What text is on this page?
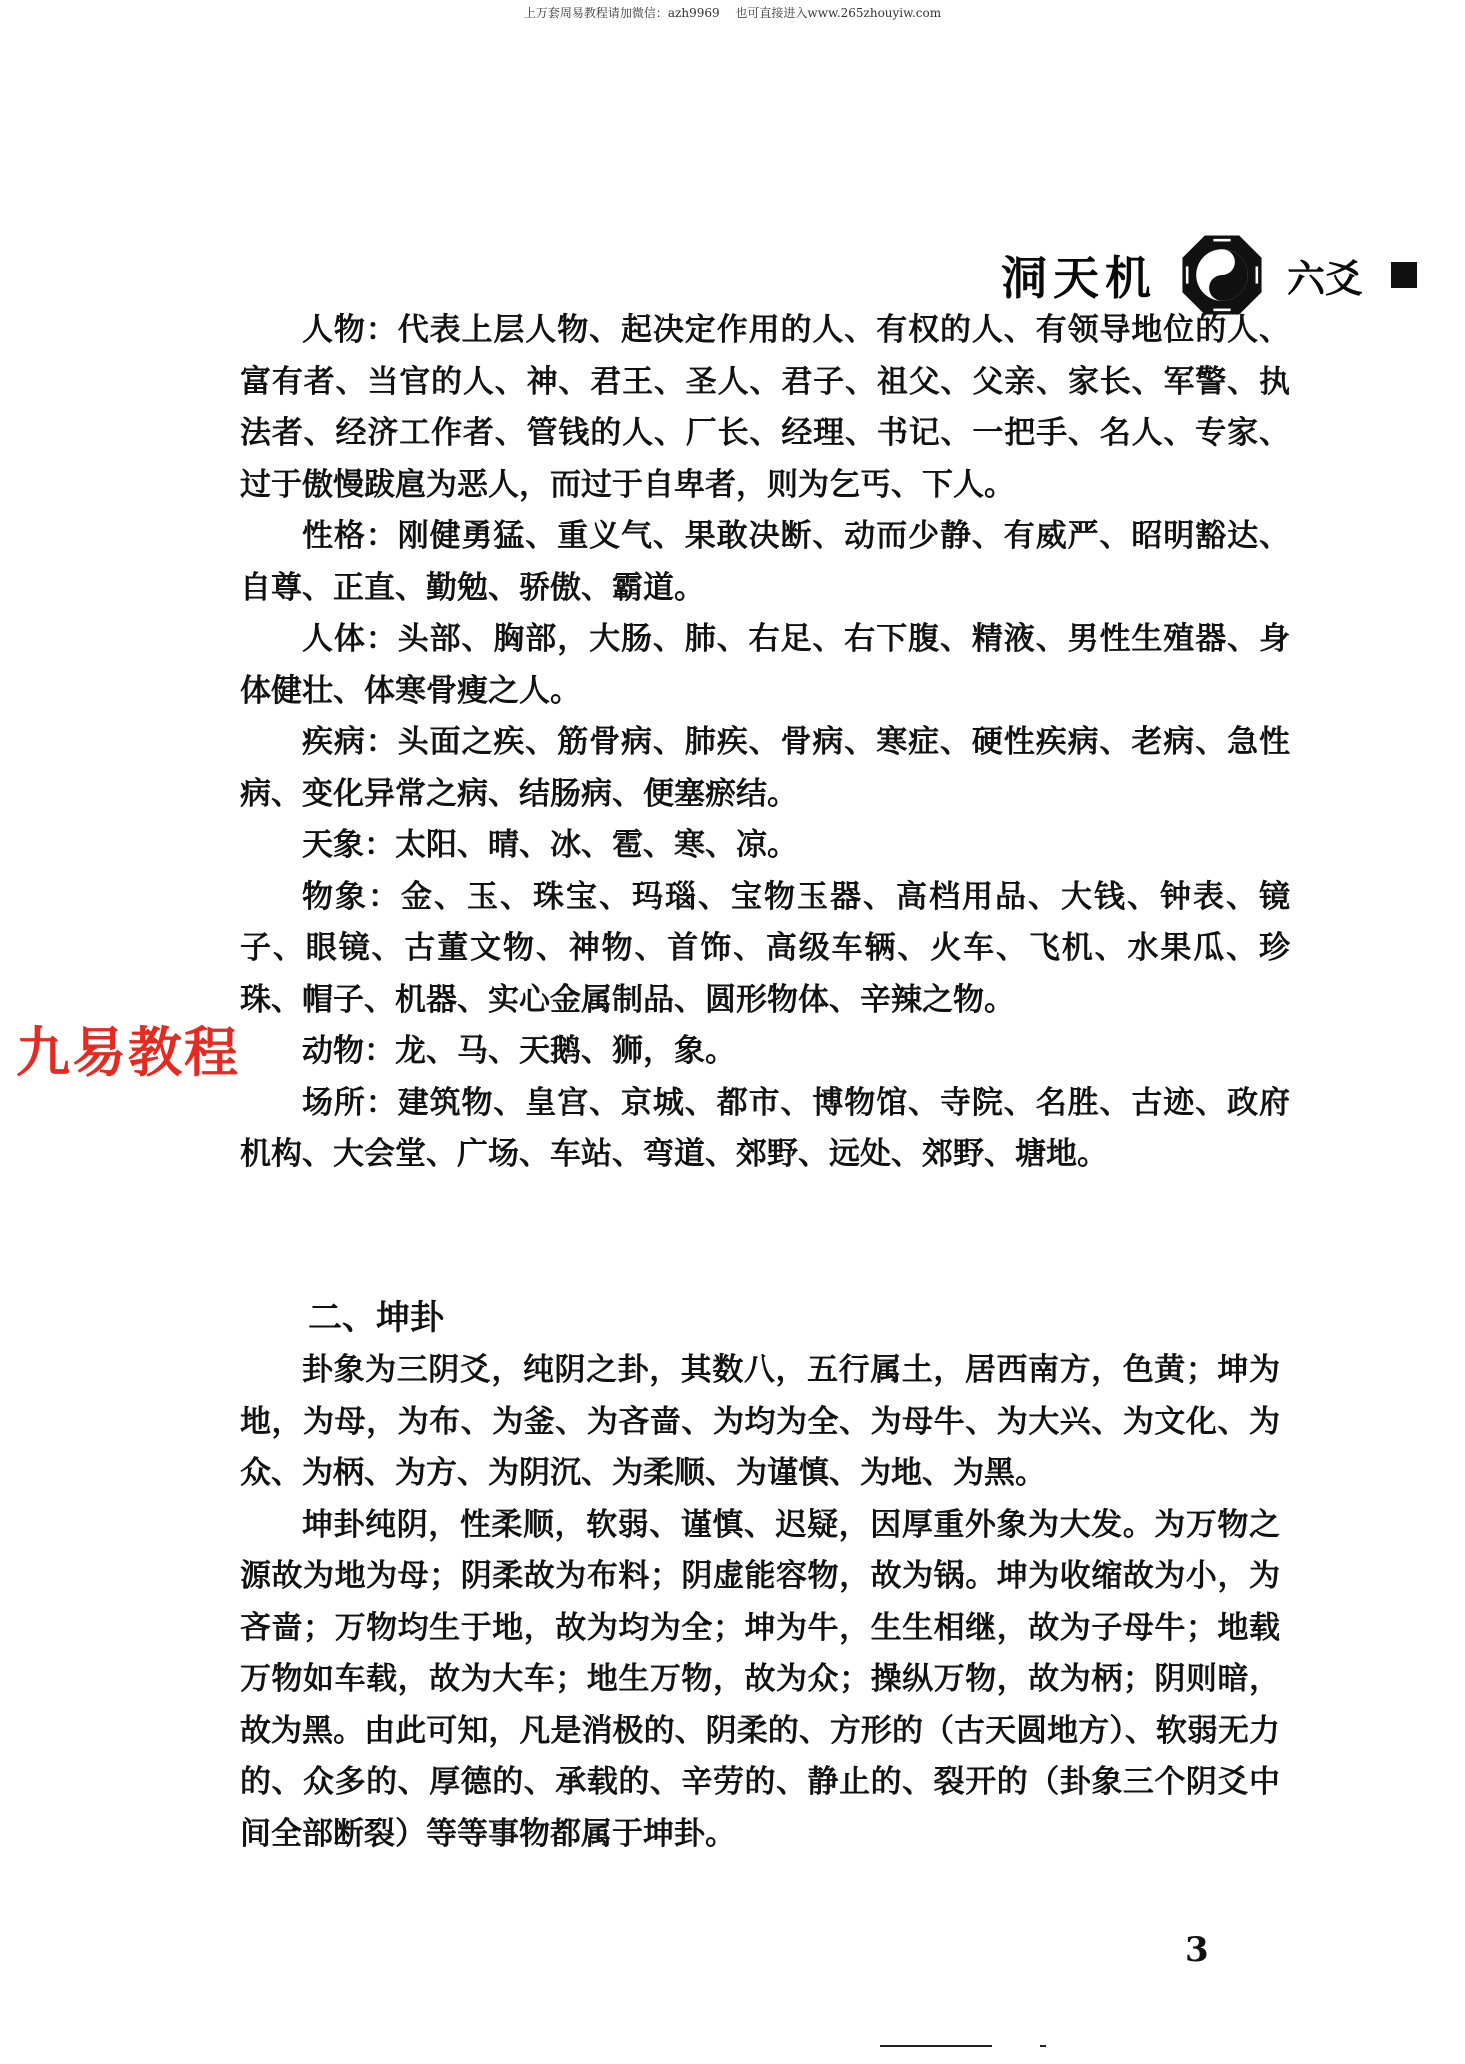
上万套周易教程请加微信：azh9969　 也可直接进入www.265zhouyiw.com
洞天机	六爻
九易教程

人物：代表上层人物、起决定作用的人、有权的人、有领导地位的人、富有者、当官的人、神、君王、圣人、君子、祖父、父亲、家长、军警、执法者、经济工作者、管钱的人、厂长、经理、书记、一把手、名人、专家、过于傲慢跋扈为恶人，而过于自卑者，则为乞丐、下人。

性格：刚健勇猛、重义气、果敢决断、动而少静、有威严、昭明豁达、自尊、正直、勤勉、骄傲、霸道。

人体：头部、胸部，大肠、肺、右足、右下腹、精液、男性生殖器、身体健壮、体寒骨瘦之人。

疾病：头面之疾、筋骨病、肺疾、骨病、寒症、硬性疾病、老病、急性病、变化异常之病、结肠病、便塞瘀结。

天象：太阳、晴、冰、雹、寒、凉。

物象：金、玉、珠宝、玛瑙、宝物玉器、高档用品、大钱、钟表、镜子、眼镜、古董文物、神物、首饰、高级车辆、火车、飞机、水果瓜、珍珠、帽子、机器、实心金属制品、圆形物体、辛辣之物。

动物：龙、马、天鹅、狮，象。

场所：建筑物、皇宫、京城、都市、博物馆、寺院、名胜、古迹、政府机构、大会堂、广场、车站、弯道、郊野、远处、郊野、塘地。

二、坤卦

卦象为三阴爻，纯阴之卦，其数八，五行属土，居西南方，色黄；坤为地，为母，为布、为釜、为吝啬、为均为全、为母牛、为大兴、为文化、为众、为柄、为方、为阴沉、为柔顺、为谨慎、为地、为黑。

坤卦纯阴，性柔顺，软弱、谨慎、迟疑，因厚重外象为大发。为万物之源故为地为母；阴柔故为布料；阴虚能容物，故为锅。坤为收缩故为小，为吝啬；万物均生于地，故为均为全；坤为牛，生生相继，故为子母牛；地载万物如车载，故为大车；地生万物，故为众；操纵万物，故为柄；阴则暗，故为黑。由此可知，凡是消极的、阴柔的、方形的（古天圆地方）、软弱无力的、众多的、厚德的、承载的、辛劳的、静止的、裂开的（卦象三个阴爻中间全部断裂）等等事物都属于坤卦。

3
